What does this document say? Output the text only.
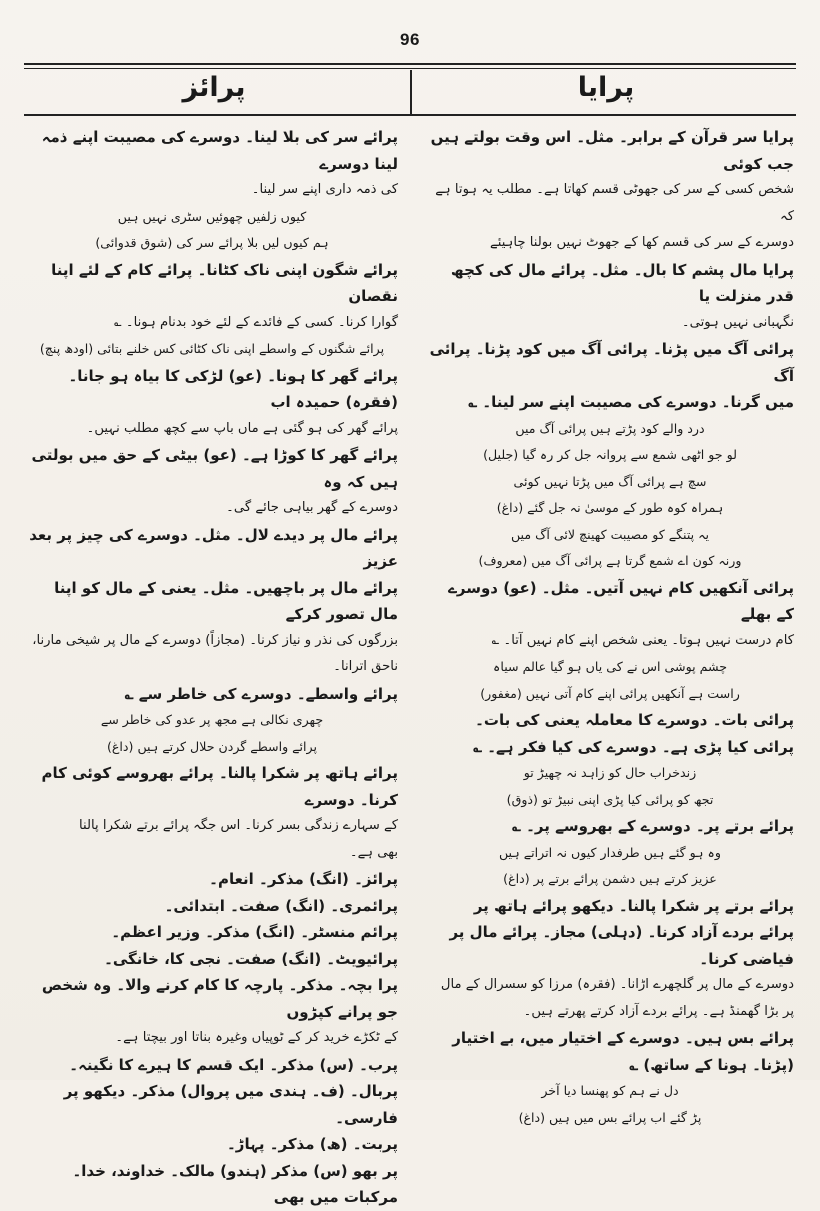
96
پرائز	پرایا

پرایا سر قرآن کے برابر۔ مثل۔ اس وقت بولتے ہیں جب کوئی

شخص کسی کے سر کی جھوٹی قسم کھاتا ہے۔ مطلب یہ ہوتا ہے کہ

دوسرے کے سر کی قسم کھا کے جھوٹ نہیں بولنا چاہیئے

پرایا مال پشم کا بال۔ مثل۔ پرائے مال کی کچھ قدر منزلت یا

نگہبانی نہیں ہوتی۔

پرائی آگ میں پڑنا۔ پرائی آگ میں کود پڑنا۔ پرائی آگ

میں گرنا۔ دوسرے کی مصیبت اپنے سر لینا۔ ؎

درد والے کود پڑتے ہیں پرائی آگ میں

لو جو اٹھی شمع سے پروانہ جل کر رہ گیا (جلیل)

سچ ہے پرائی آگ میں پڑتا نہیں کوئی

ہمراہ کوہ طور کے موسیٰ نہ جل گئے (داغ)

یہ پتنگے کو مصیبت کھینچ لائی آگ میں

ورنہ کون اے شمع گرتا ہے پرائی آگ میں (معروف)

پرائی آنکھیں کام نہیں آتیں۔ مثل۔ (عو) دوسرے کے بھلے

کام درست نہیں ہوتا۔ یعنی شخص اپنے کام نہیں آتا۔ ؎

چشم پوشی اس نے کی یاں ہو گیا عالم سیاہ

راست ہے آنکھیں پرائی اپنے کام آتی نہیں (مغفور)

پرائی بات۔ دوسرے کا معاملہ یعنی کی بات۔

پرائی کیا پڑی ہے۔ دوسرے کی کیا فکر ہے۔ ؎

زندخراب حال کو زاہد نہ چھیڑ تو

تجھ کو پرائی کیا پڑی اپنی نبیڑ تو (ذوق)

پرائے برتے پر۔ دوسرے کے بھروسے پر۔ ؎

وہ ہو گئے ہیں طرفدار کیوں نہ اتراتے ہیں

عزیز کرتے ہیں دشمن پرائے برتے پر (داغ)

پرائے برتے پر شکرا پالنا۔ دیکھو پرائے ہاتھ پر

پرائے بردے آزاد کرنا۔ (دہلی) مجاز۔ پرائے مال پر فیاضی کرنا۔

دوسرے کے مال پر گلچھرے اڑانا۔ (فقرہ) مرزا کو سسرال کے مال

پر بڑا گھمنڈ ہے۔ پرائے بردے آزاد کرتے پھرتے ہیں۔

پرائے بس ہیں۔ دوسرے کے اختیار میں، بے اختیار (پڑنا۔ ہونا کے ساتھ) ؎

دل نے ہم کو پھنسا دیا آخر

پڑ گئے اب پرائے بس میں ہیں (داغ)

پرائے سر کی بلا لینا۔ دوسرے کی مصیبت اپنے ذمہ لینا دوسرے

کی ذمہ داری اپنے سر لینا۔

کیوں زلفیں چھوئیں سٹری نہیں ہیں

ہم کیوں لیں بلا پرائے سر کی (شوق قدوائی)

پرائے شگون اپنی ناک کٹانا۔ پرائے کام کے لئے اپنا نقصان

گوارا کرنا۔ کسی کے فائدے کے لئے خود بدنام ہونا۔ ؎

پرائے شگنوں کے واسطے اپنی ناک کٹائی کس خلنے بتائی (اودھ پنچ)

پرائے گھر کا ہونا۔ (عو) لڑکی کا بیاہ ہو جانا۔ (فقرہ) حمیدہ اب

پرائے گھر کی ہو گئی ہے ماں باپ سے کچھ مطلب نہیں۔

پرائے گھر کا کوڑا ہے۔ (عو) بیٹی کے حق میں بولتی ہیں کہ وہ

دوسرے کے گھر بیاہی جائے گی۔

پرائے مال پر دیدے لال۔ مثل۔ دوسرے کی چیز پر بعد عزیز

پرائے مال پر باچھیں۔ مثل۔ یعنی کے مال کو اپنا مال تصور کرکے

بزرگوں کی نذر و نیاز کرنا۔ (مجازاً) دوسرے کے مال پر شیخی مارنا،

ناحق اترانا۔

پرائے واسطے۔ دوسرے کی خاطر سے ؎

چھری نکالی ہے مجھ پر عدو کی خاطر سے

پرائے واسطے گردن حلال کرتے ہیں (داغ)

پرائے ہاتھ پر شکرا پالنا۔ پرائے بھروسے کوئی کام کرنا۔ دوسرے

کے سہارے زندگی بسر کرنا۔ اس جگہ پرائے برتے شکرا پالنا

بھی ہے۔

پرائز۔ (انگ) مذکر۔ انعام۔

پرائمری۔ (انگ) صفت۔ ابتدائی۔

پرائم منسٹر۔ (انگ) مذکر۔ وزیر اعظم۔

پرائیویٹ۔ (انگ) صفت۔ نجی کا، خانگی۔

پرا بچہ۔ مذکر۔ پارچہ کا کام کرنے والا۔ وہ شخص جو پرانے کپڑوں

کے ٹکڑے خرید کر کے ٹوپیاں وغیرہ بناتا اور بیچتا ہے۔

پرب۔ (س) مذکر۔ ایک قسم کا ہیرے کا نگینہ۔

پربال۔ (ف۔ ہندی میں پروال) مذکر۔ دیکھو پر فارسی۔

پربت۔ (ھ) مذکر۔ پہاڑ۔

پر بھو (س) مذکر (ہندو) مالک۔ خداوند، خدا۔ مرکبات میں بھی
